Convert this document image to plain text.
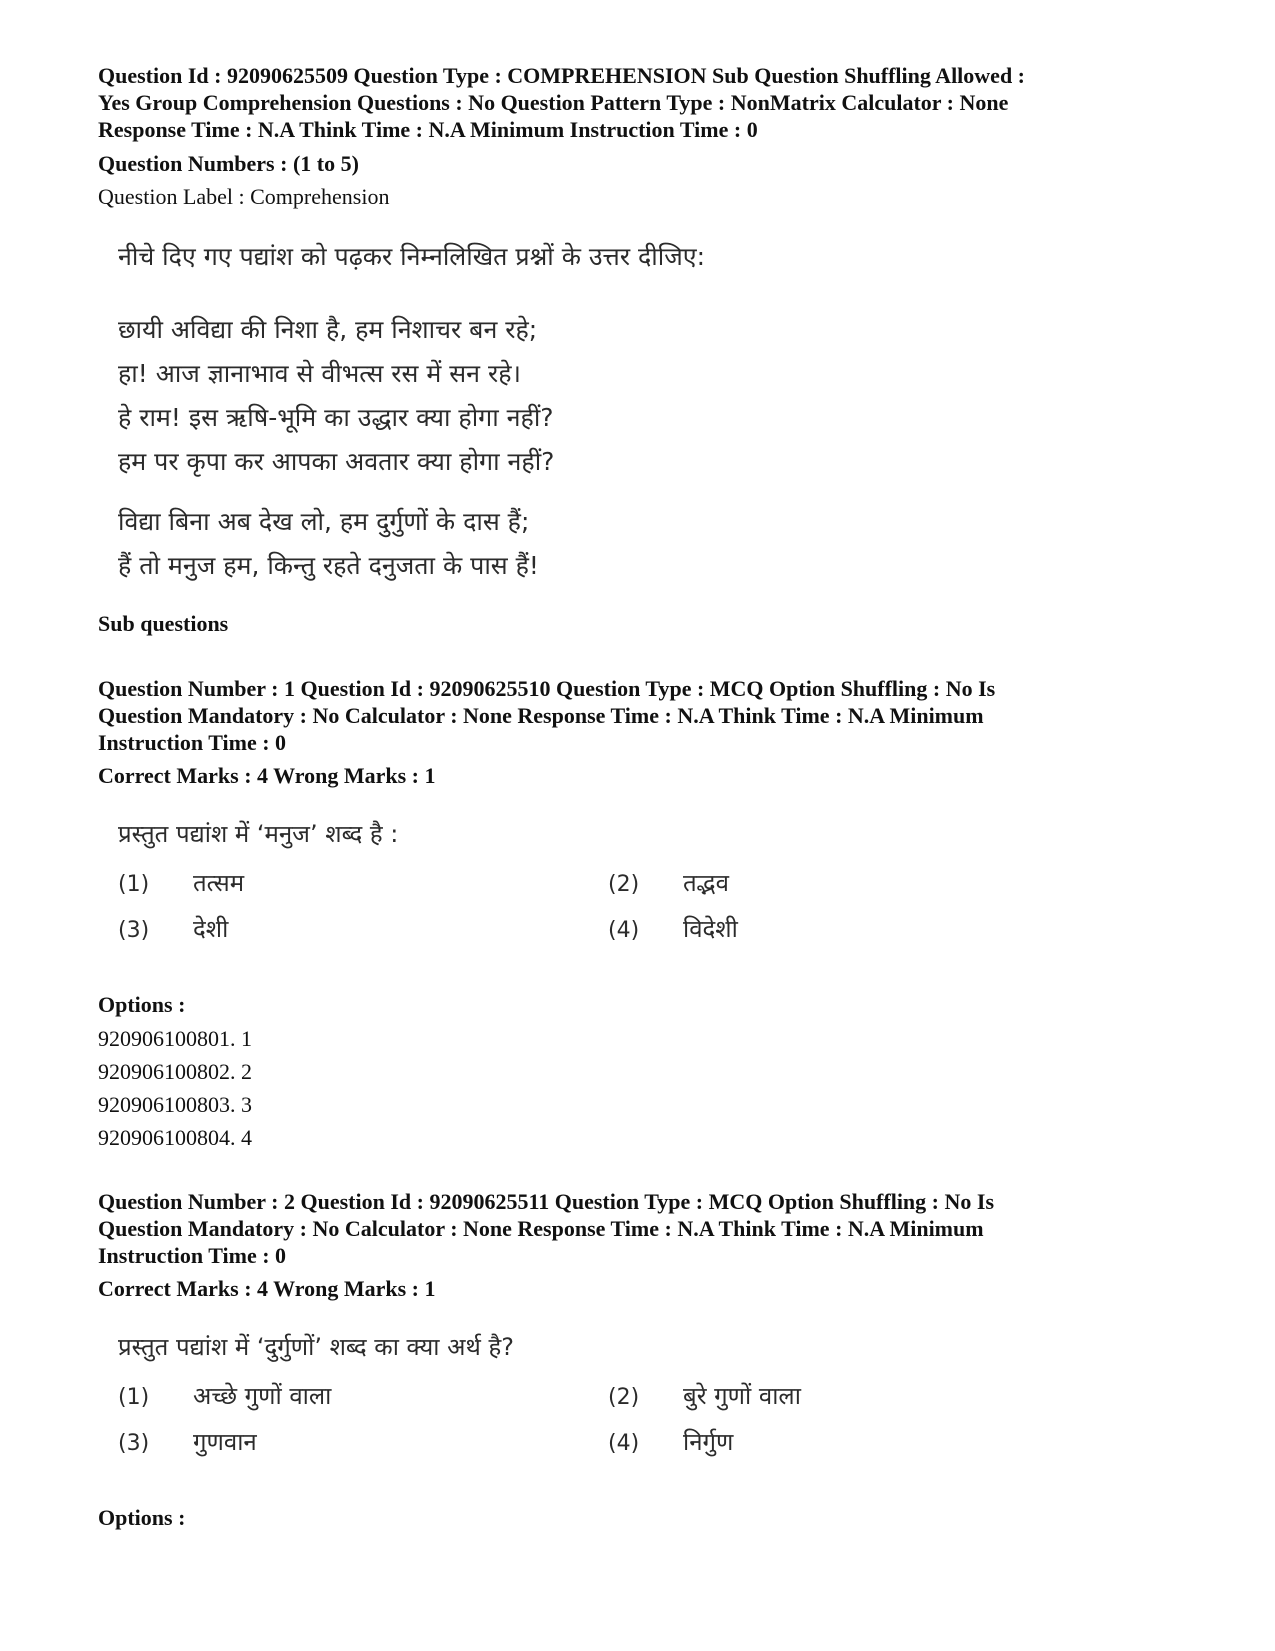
Question Id : 92090625509 Question Type : COMPREHENSION Sub Question Shuffling Allowed :

Yes Group Comprehension Questions : No Question Pattern Type : NonMatrix Calculator : None

Response Time : N.A Think Time : N.A Minimum Instruction Time : 0

Question Numbers : (1 to 5)
Question Label : Comprehension
नीचे दिए गए पद्यांश को पढ़कर निम्नलिखित प्रश्नों के उत्तर दीजिए:
छायी अविद्या की निशा है, हम निशाचर बन रहे;
हा! आज ज्ञानाभाव से वीभत्स रस में सन रहे।
हे राम! इस ऋषि-भूमि का उद्धार क्या होगा नहीं?
हम पर कृपा कर आपका अवतार क्या होगा नहीं?
विद्या बिना अब देख लो, हम दुर्गुणों के दास हैं;
हैं तो मनुज हम, किन्तु रहते दनुजता के पास हैं!
Sub questions

Question Number : 1 Question Id : 92090625510 Question Type : MCQ Option Shuffling : No Is

Question Mandatory : No Calculator : None Response Time : N.A Think Time : N.A Minimum

Instruction Time : 0

Correct Marks : 4 Wrong Marks : 1
प्रस्तुत पद्यांश में ‘मनुज’ शब्द है :
(1)	तत्सम	(2)	तद्भव
(3)	देशी	(4)	विदेशी
Options :
920906100801. 1
920906100802. 2
920906100803. 3
920906100804. 4

Question Number : 2 Question Id : 92090625511 Question Type : MCQ Option Shuffling : No Is

Question Mandatory : No Calculator : None Response Time : N.A Think Time : N.A Minimum

Instruction Time : 0

Correct Marks : 4 Wrong Marks : 1
प्रस्तुत पद्यांश में ‘दुर्गुणों’ शब्द का क्या अर्थ है?
(1)	अच्छे गुणों वाला	(2)	बुरे गुणों वाला
(3)	गुणवान	(4)	निर्गुण
Options :
